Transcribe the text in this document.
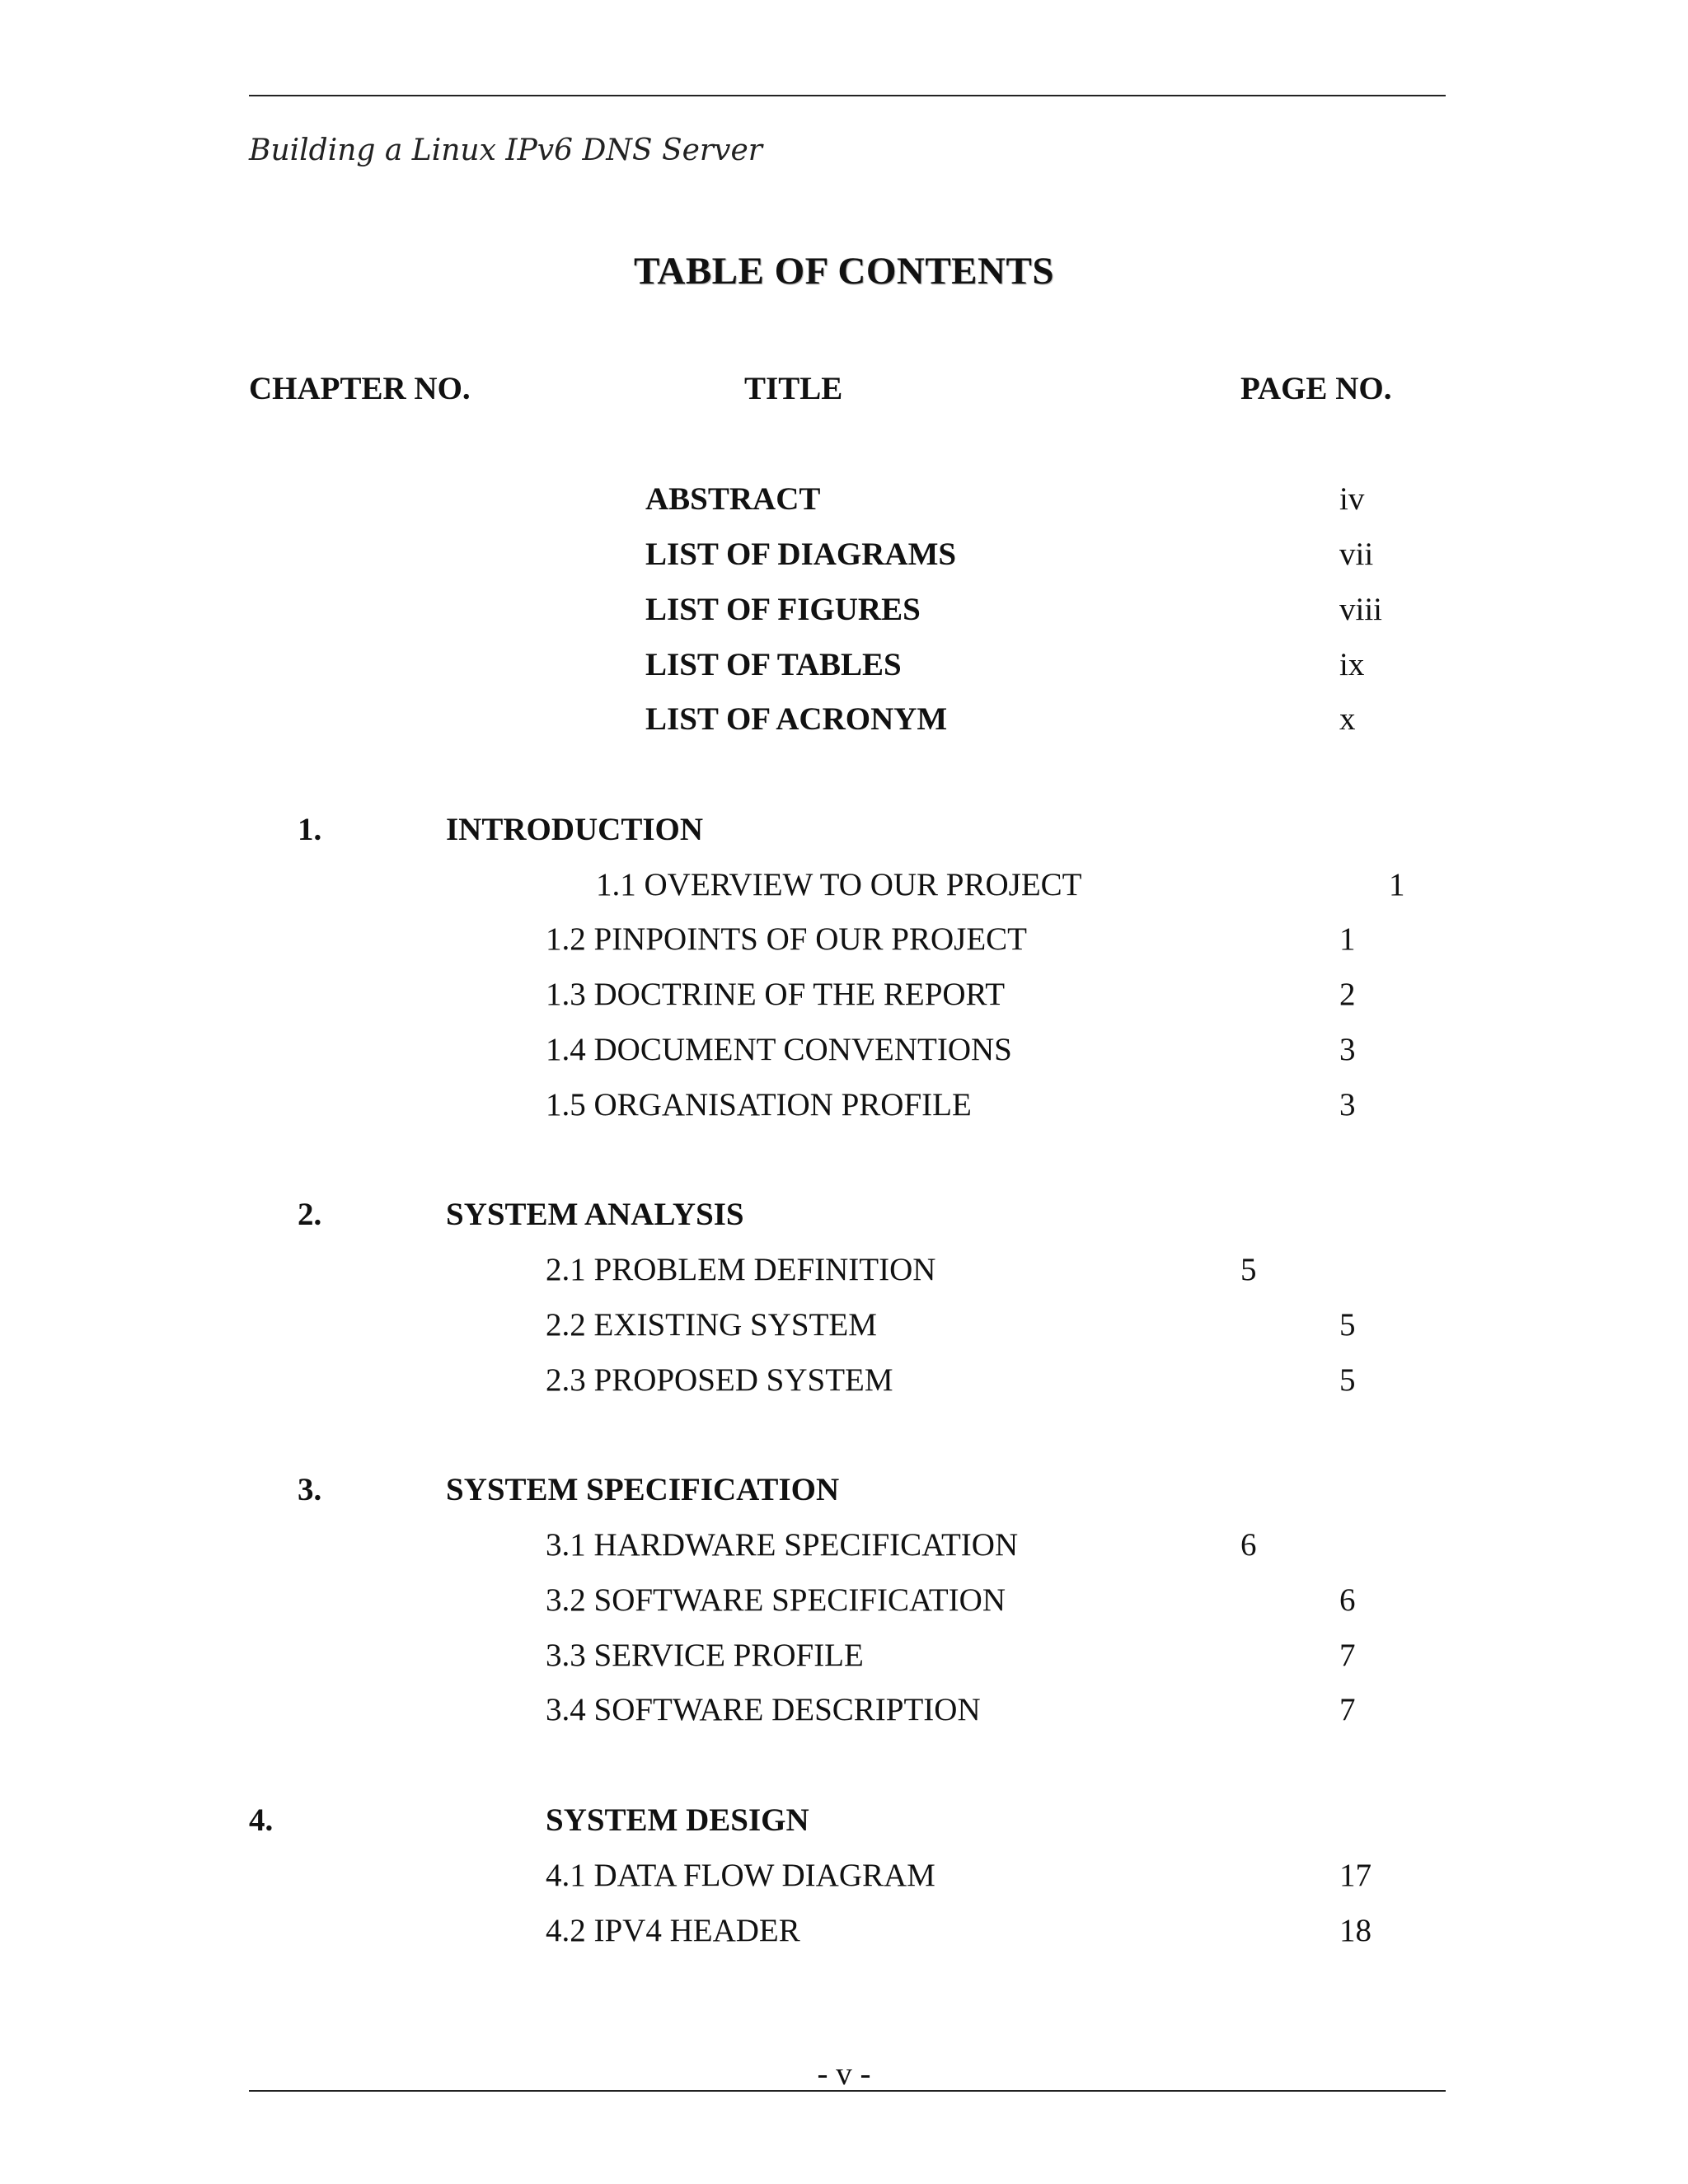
Building a Linux IPv6 DNS Server
TABLE OF CONTENTS
CHAPTER NO.	TITLE	PAGE NO.
ABSTRACT	iv
LIST OF DIAGRAMS	vii
LIST OF FIGURES	viii
LIST OF TABLES	ix
LIST OF ACRONYM	x
1.	INTRODUCTION
1.1 OVERVIEW TO OUR PROJECT	1
1.2 PINPOINTS OF OUR PROJECT	1
1.3 DOCTRINE OF THE REPORT	2
1.4 DOCUMENT CONVENTIONS	3
1.5 ORGANISATION PROFILE	3
2.	SYSTEM ANALYSIS
2.1 PROBLEM DEFINITION	5
2.2 EXISTING SYSTEM	5
2.3 PROPOSED SYSTEM	5
3.	SYSTEM SPECIFICATION
3.1 HARDWARE SPECIFICATION	6
3.2 SOFTWARE SPECIFICATION	6
3.3 SERVICE PROFILE	7
3.4 SOFTWARE DESCRIPTION	7
4.	SYSTEM DESIGN
4.1 DATA FLOW DIAGRAM	17
4.2 IPV4 HEADER	18
- v -
